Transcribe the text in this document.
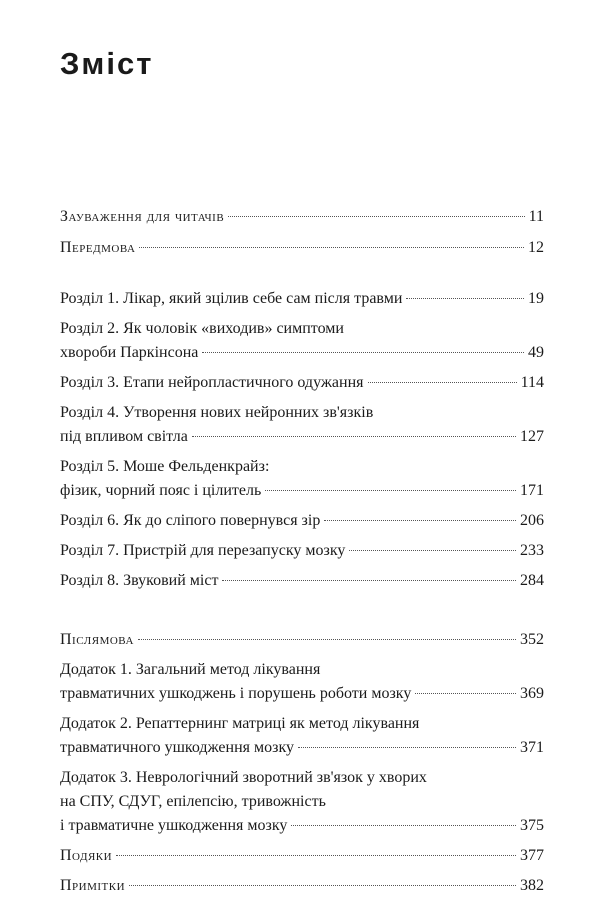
Зміст
Зауваження для читачів	11
Передмова	12
Розділ 1. Лікар, який зцілив себе сам після травми	19
Розділ 2. Як чоловік «виходив» симптоми
хвороби Паркінсона	49
Розділ 3. Етапи нейропластичного одужання	114
Розділ 4. Утворення нових нейронних зв'язків
під впливом світла	127
Розділ 5. Моше Фельденкрайз:
фізик, чорний пояс і цілитель	171
Розділ 6. Як до сліпого повернувся зір	206
Розділ 7. Пристрій для перезапуску мозку	233
Розділ 8. Звуковий міст	284
Післямова	352
Додаток 1. Загальний метод лікування
травматичних ушкоджень і порушень роботи мозку	369
Додаток 2. Репаттернинг матриці як метод лікування
травматичного ушкодження мозку	371
Додаток 3. Неврологічний зворотний зв'язок у хворих
на СПУ, СДУГ, епілепсію, тривожність
і травматичне ушкодження мозку	375
Подяки	377
Примітки	382
